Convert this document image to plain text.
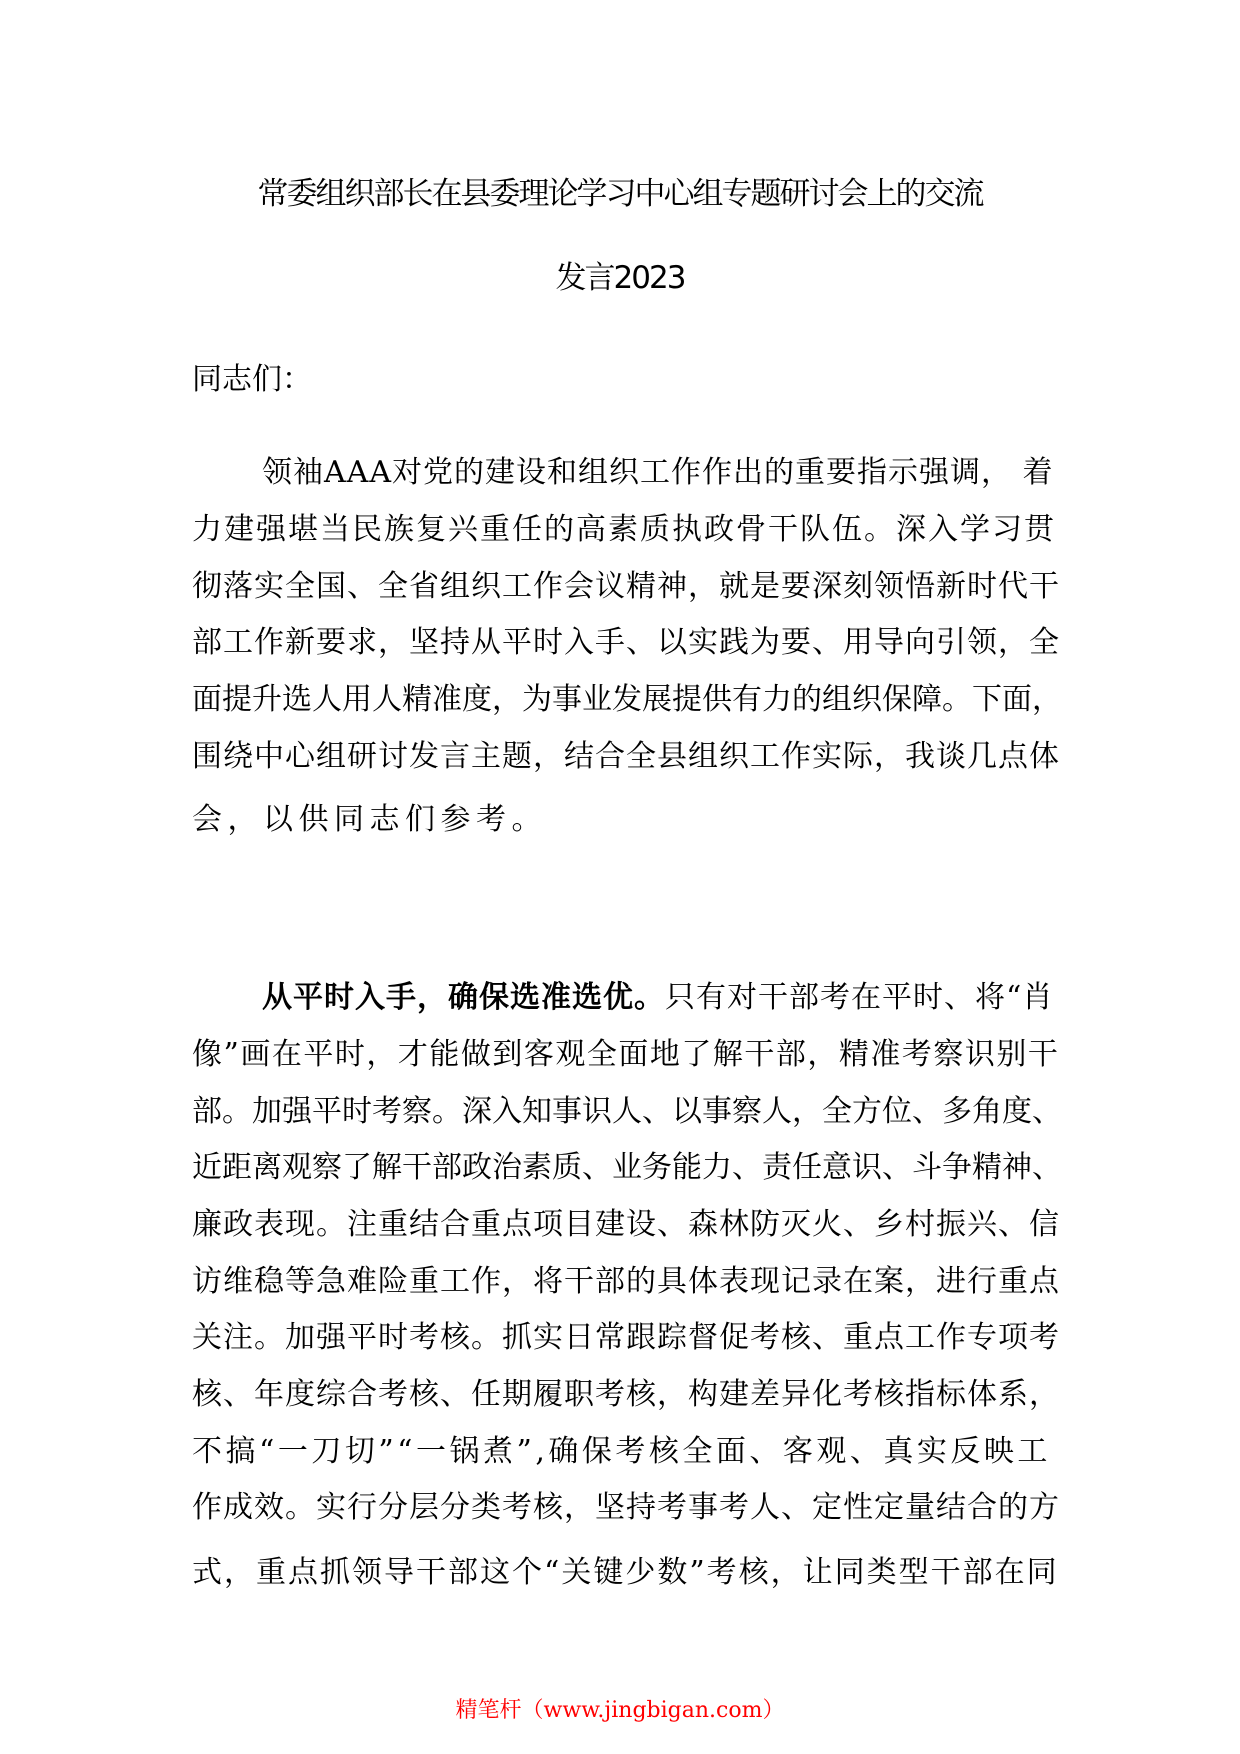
常委组织部长在县委理论学习中心组专题研讨会上的交流
发言2023
同志们：
领袖AAA对党的建设和组织工作作出的重要指示强调， 着
力建强堪当民族复兴重任的高素质执政骨干队伍。深入学习贯
彻落实全国、全省组织工作会议精神，就是要深刻领悟新时代干
部工作新要求，坚持从平时入手、以实践为要、用导向引领，全
面提升选人用人精准度，为事业发展提供有力的组织保障。下面，
围绕中心组研讨发言主题，结合全县组织工作实际，我谈几点体
会，以供同志们参考。
从平时入手，确保选准选优。只有对干部考在平时、将“肖
像”画在平时，才能做到客观全面地了解干部，精准考察识别干
部。加强平时考察。深入知事识人、以事察人，全方位、多角度、
近距离观察了解干部政治素质、业务能力、责任意识、斗争精神、
廉政表现。注重结合重点项目建设、森林防灭火、乡村振兴、信
访维稳等急难险重工作，将干部的具体表现记录在案，进行重点
关注。加强平时考核。抓实日常跟踪督促考核、重点工作专项考
核、年度综合考核、任期履职考核，构建差异化考核指标体系，
不搞“一刀切”“一锅煮”,确保考核全面、客观、真实反映工
作成效。实行分层分类考核，坚持考事考人、定性定量结合的方
式，重点抓领导干部这个“关键少数”考核，让同类型干部在同
精笔杆（www.jingbigan.com）
